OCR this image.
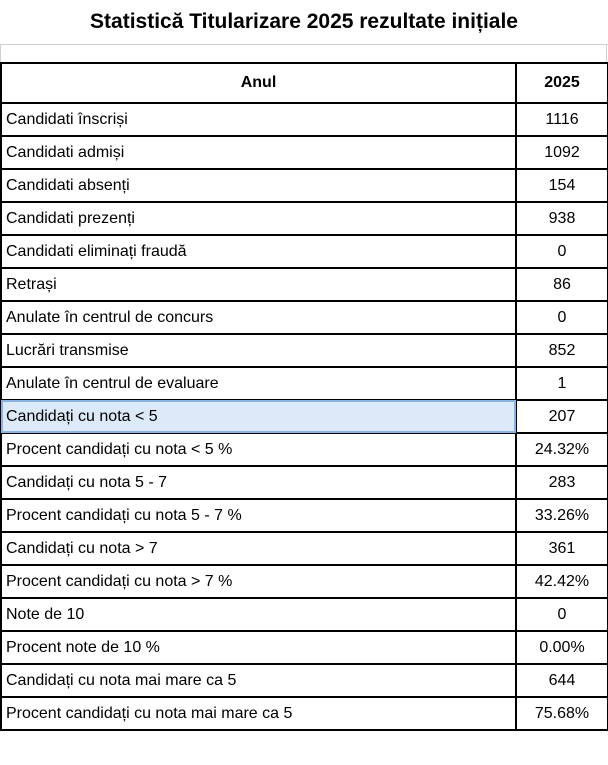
Statistică Titularizare 2025 rezultate inițiale
Anul	2025
Candidati înscriși	1116
Candidati admiși	1092
Candidati absenți	154
Candidati prezenți	938
Candidati eliminați fraudă	0
Retrași	86
Anulate în centrul de concurs	0
Lucrări transmise	852
Anulate în centrul de evaluare	1
Candidați cu nota < 5	207
Procent candidați cu nota < 5 %	24.32%
Candidați cu nota 5 - 7	283
Procent candidați cu nota 5 - 7 %	33.26%
Candidați cu nota > 7	361
Procent candidați cu nota > 7 %	42.42%
Note de 10	0
Procent note de 10 %	0.00%
Candidați cu nota mai mare ca 5	644
Procent candidați cu nota mai mare ca 5	75.68%
